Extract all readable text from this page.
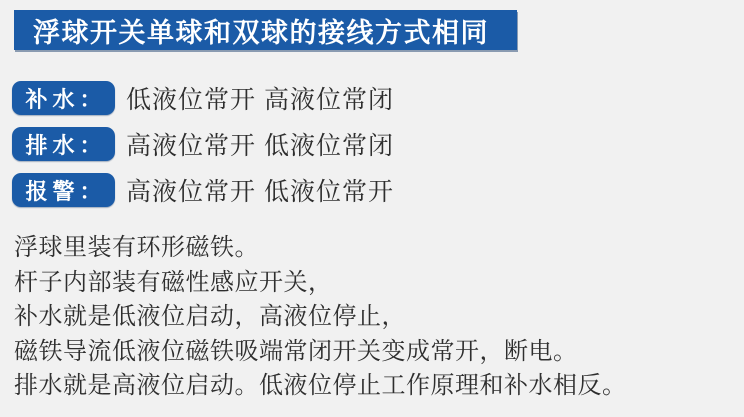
浮球开关单球和双球的接线方式相同
补水： 低液位常开 高液位常闭
排水： 高液位常开 低液位常闭
报警： 高液位常开 低液位常开
浮球里装有环形磁铁。
杆子内部装有磁性感应开关，
补水就是低液位启动，高液位停止，
磁铁导流低液位磁铁吸端常闭开关变成常开，断电。
排水就是高液位启动。低液位停止工作原理和补水相反。
